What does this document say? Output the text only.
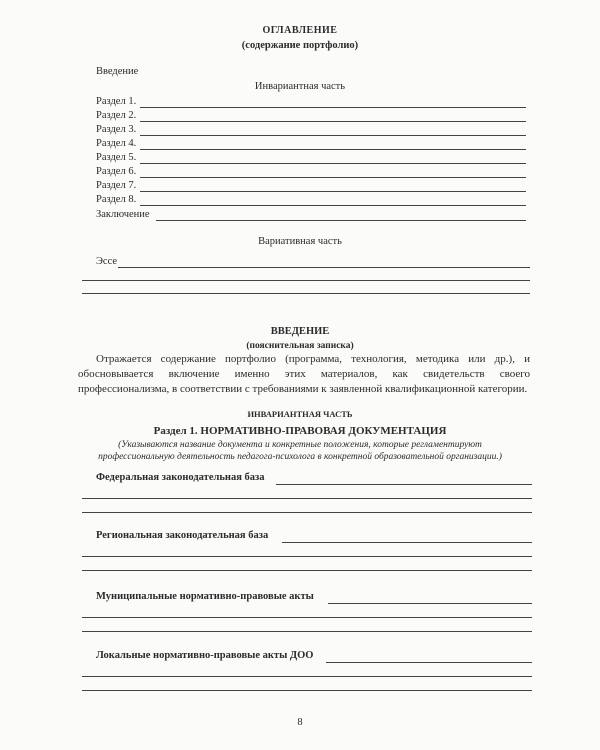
ОГЛАВЛЕНИЕ
(содержание портфолио)
Введение
Инвариантная часть
Раздел 1.
Раздел 2.
Раздел 3.
Раздел 4.
Раздел 5.
Раздел 6.
Раздел 7.
Раздел 8.
Заключение
Вариативная часть
Эссе
ВВЕДЕНИЕ
(пояснительная записка)
Отражается содержание портфолио (программа, технология, методика или др.), и обосновывается включение именно этих материалов, как свидетельств своего профессионализма, в соответствии с требованиями к заявленной квалификационной категории.
ИНВАРИАНТНАЯ ЧАСТЬ
Раздел 1. НОРМАТИВНО-ПРАВОВАЯ ДОКУМЕНТАЦИЯ
(Указываются название документа и конкретные положения, которые регламентируют
профессиональную деятельность педагога-психолога в конкретной образовательной организации.)
Федеральная законодательная база
Региональная законодательная база
Муниципальные нормативно-правовые акты
Локальные нормативно-правовые акты ДОО
8
